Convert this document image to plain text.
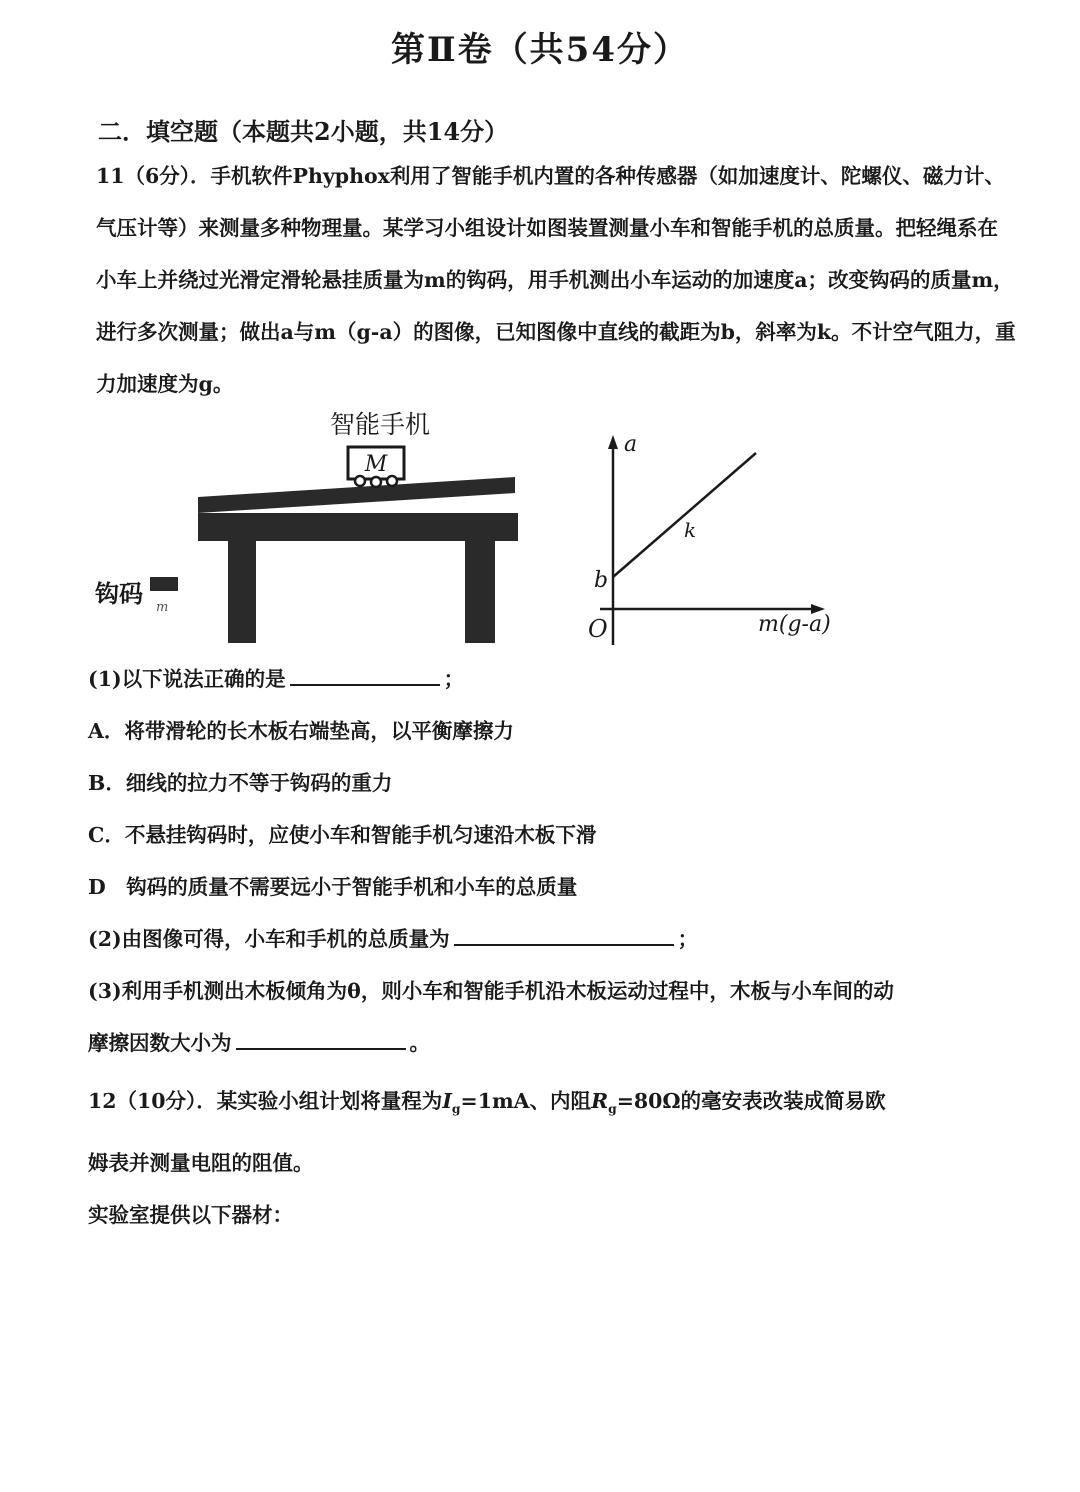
第Ⅱ卷（共54分）
二．填空题（本题共2小题，共14分）
11（6分）．手机软件Phyphox利用了智能手机内置的各种传感器（如加速度计、陀螺仪、磁力计、气压计等）来测量多种物理量。某学习小组设计如图装置测量小车和智能手机的总质量。把轻绳系在小车上并绕过光滑定滑轮悬挂质量为m的钩码，用手机测出小车运动的加速度a；改变钩码的质量m，进行多次测量；做出a与m（g-a）的图像，已知图像中直线的截距为b，斜率为k。不计空气阻力，重力加速度为g。
M
智能手机
钩码 m
a
b
k
O	m(g-a)
(1)以下说法正确的是	；
A．将带滑轮的长木板右端垫高，以平衡摩擦力
B．细线的拉力不等于钩码的重力
C．不悬挂钩码时，应使小车和智能手机匀速沿木板下滑
D　钩码的质量不需要远小于智能手机和小车的总质量
(2)由图像可得，小车和手机的总质量为	；
(3)利用手机测出木板倾角为θ，则小车和智能手机沿木板运动过程中，木板与小车间的动
摩擦因数大小为	。
12（10分）．某实验小组计划将量程为$I_g=1mA$、内阻$R_g=80\Omega$的毫安表改装成简易欧
姆表并测量电阻的阻值。
实验室提供以下器材：
